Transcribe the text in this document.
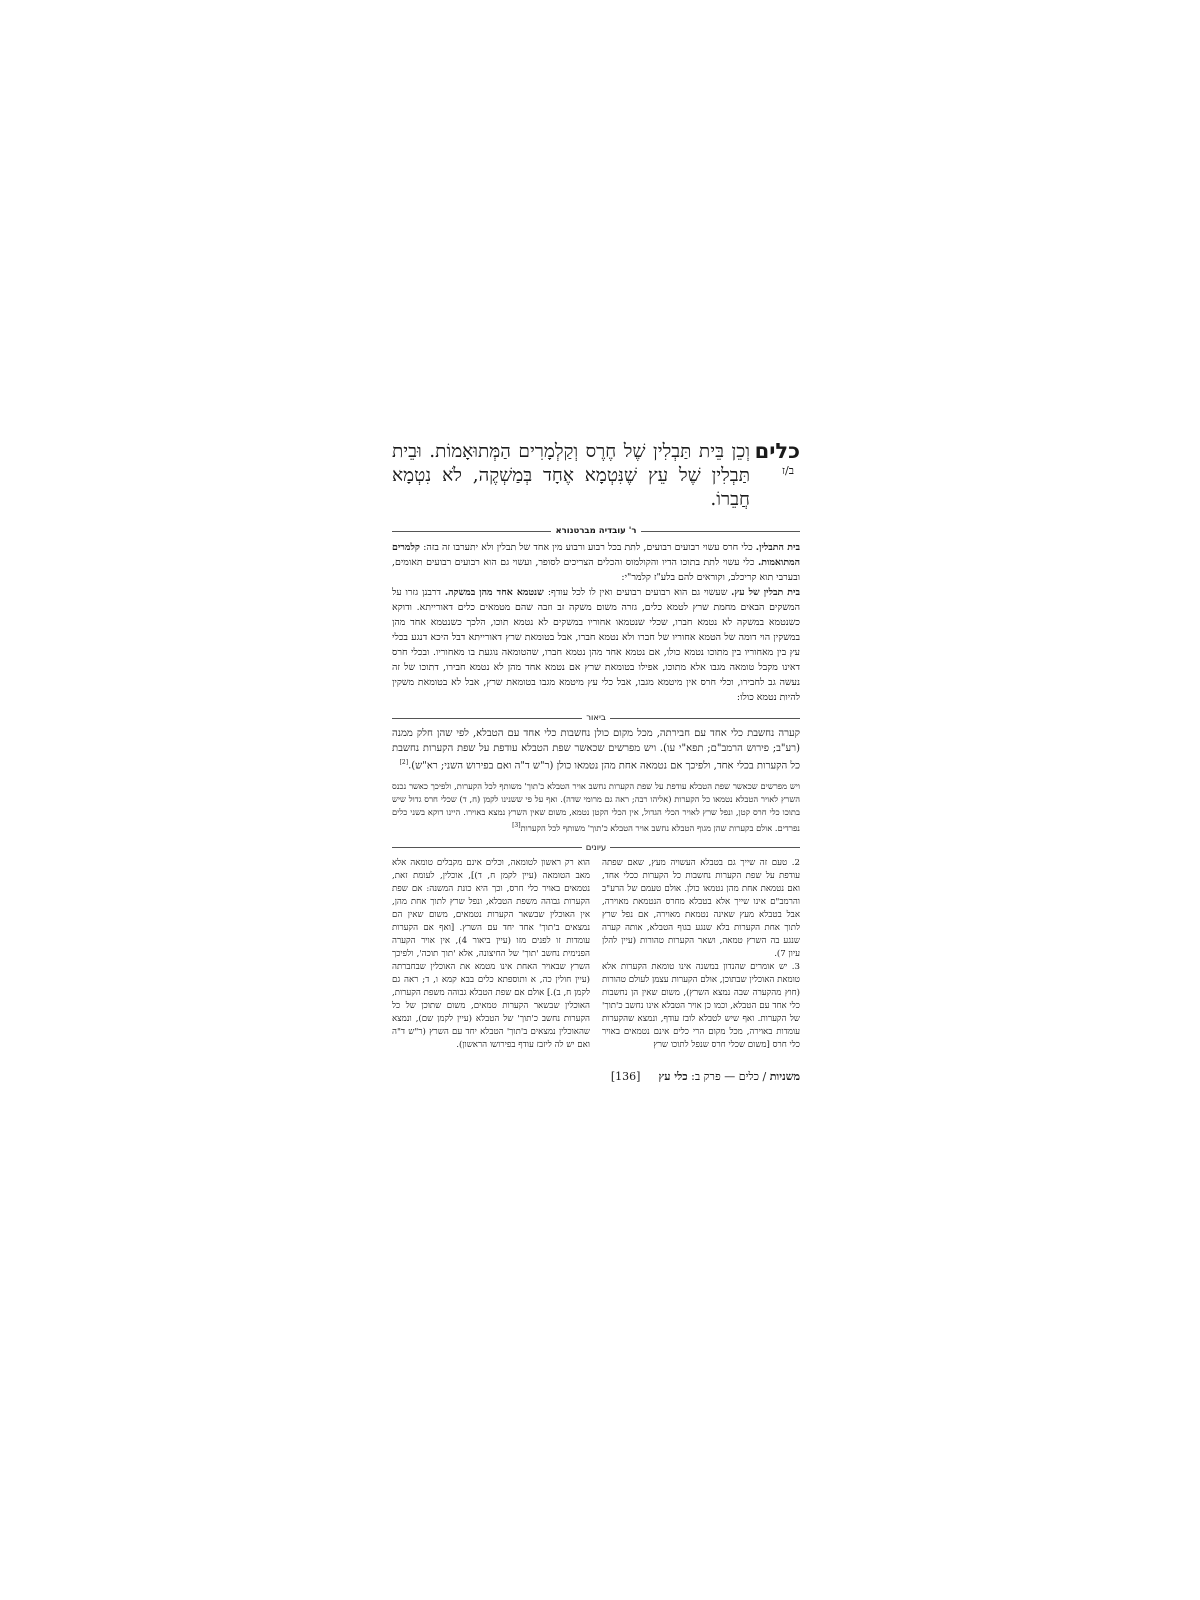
כלים
ב/ז
וְכֵן בֵּית תַּבְלִין שֶׁל חֶרֶס וְקַלְמָרִים הַמְּתוּאָמוֹת. וּבֵית תַּבְלִין שֶׁל עֵץ שֶׁנִּטְמָא אֶחָד בְּמַשְׁקֶה, לֹא נִטְמָא חֲבֵרוֹ.
ר' עובדיה מברטנורא

בית התבלין. כלי חרס עשוי רבועים רבועים, לתת בכל רבוע ורבוע מין אחד של תבלין ולא יתערבו זה בזה: קלמרים המתואמות. כלי עשוי לתת בתוכו הדיו והקולמוס והכלים הצריכים לסופר, ועשוי גם הוא רבועים רבועים תאומים, ובערבי תוא קריכלב, וקוראים להם בלע"ז קלמר"י:

בית תבלין של עץ. שעשוי גם הוא רבועים רבועים ואין לו לכל עודף: שנטמא אחד מהן במשקה. דרבנן גזרו על המשקים הבאים מחמת שרץ לטמא כלים, גזרה משום משקה זב וזבה שהם מטמאים כלים דאורייתא. ודוקא כשנטמא במשקה לא נטמא חברו, שכלי שנטמאו אחוריו במשקים לא נטמא תוכו, הלכך כשנטמא אחד מהן במשקין הוי דומה של הטמא אחוריו של חברו ולא נטמא חברו, אבל בטומאת שרץ דאורייתא דבל היכא דנגע בכלי עץ בין מאחוריו בין מתוכו נטמא כולו, אם נטמא אחד מהן נטמא חברו, שהטומאה נוגעת בו מאחוריו. ובכלי חרס דאינו מקבל טומאה מגבו אלא מתוכו, אפילו בטומאת שרץ אם נטמא אחד מהן לא נטמא חבירו, דתוכו של זה נעשה גב לחבירו, וכלי חרס אין מיטמא מגבו, אבל כלי עץ מיטמא מגבו בטומאת שרץ, אבל לא בטומאת משקין להיות נטמא כולו:

ביאור

קערה נחשבת כלי אחד עם חבירתה, מכל מקום כולן נחשבות כלי אחד עם הטבלא, לפי שהן חלק ממנה (רע"ב; פירוש הרמב"ם; תפא"י עו). ויש מפרשים שכאשר שפת הטבלא עודפת על שפת הקערות נחשבת כל הקערות בכלי אחד, ולפיכך אם נטמאה אחת מהן נטמאו כולן (ר"ש ד"ה ואם בפירוש השני; רא"ש).[2]

ויש מפרשים שכאשר שפת הטבלא עודפת על שפת הקערות נחשב אויר הטבלא כ'תוך' משותף לכל הקערות, ולפיכך כאשר נכנס השרץ לאויר הטבלא נטמאו כל הקערות (אליהו רבה; ראה גם מרומי שדה). ואף על פי ששנינו לקמן (ח, ד) שכלי חרס גדול שיש בתוכו כלי חרס קטן, ונפל שרץ לאויר הכלי הגדול, אין הכלי הקטן נטמא, משום שאין השרץ נמצא באוירו. היינו דוקא בשני כלים נפרדים. אולם בקערות שהן מגוף הטבלא נחשב אויר הטבלא כ'תוך' משותף לכל הקערות[3]

עיונים

2. טעם זה שייך גם בטבלא העשויה מעץ, שאם שפתה עודפת על שפת הקערות נחשבות כל הקערות ככלי אחד, ואם נטמאת אחת מהן נטמאו כולן. אולם טעמם של הרע"ב והרמב"ם אינו שייך אלא בטבלא מחרס הנטמאת מאוירה, אבל בטבלא מעץ שאינה נטמאת מאוירה, אם נפל שרץ לתוך אחת הקערות בלא שנגע בגוף הטבלא, אותה קערה שנגע בה השרץ טמאה, ושאר הקערות טהורות (עיין להלן עיון 7).
3. יש אומרים שהנדון במשנה אינו טומאת הקערות אלא טומאת האוכלין שבתוכן, אולם הקערות עצמן לעולם טהורות (חוץ מהקערה שבה נמצא השרץ), משום שאין הן נחשבות כלי אחד עם הטבלא, וכמו כן אויר הטבלא אינו נחשב כ'תוך' של הקערות. ואף שיש לטבלא לובז עודף, ונמצא שהקערות עומדות באוירה, מכל מקום הרי כלים אינם נטמאים באויר כלי חרס [משום שכלי חרס שנפל לתוכו שרץ

הוא רק ראשון לטומאה, וכלים אינם מקבלים טומאה אלא מאב הטומאה (עיין לקמן ח, ד)], אוכלין, לעומת זאת, נטמאים באויר כלי חרס, וכך היא כונת המשנה: אם שפת הקערות גבוהה משפת הטבלא, ונפל שרץ לתוך אחת מהן, אין האוכלין שבשאר הקערות נטמאים, משום שאין הם נמצאים ב'תוך' אחד יחד עם השרץ. [ואף אם הקערות עומדות זו לפנים מזו (עיין ביאור 4), אין אויר הקערה הפנימית נחשב 'תוך' של החיצונה, אלא 'תוך תוכה', ולפיכך השרץ שבאויר האחת אינו מטמא את האוכלין שבחברתה (עיין חולין כה, א ותוספתא כלים בבא קמא ו, ד; ראה גם לקמן ח, ב).] אולם אם שפת הטבלא גבוהה משפת הקערות, האוכלין שבשאר הקערות טמאים, משום שתוכן של כל הקערות נחשב כ'תוך' של הטבלא (עיין לקמן שם), ונמצא שהאוכלין נמצאים ב'תוך' הטבלא יחד עם השרץ (ר"ש ד"ה ואם יש לה ליזבז עודף בפירושו הראשון).

משניות / כלים — פרק ב: כלי עץ
[136]
